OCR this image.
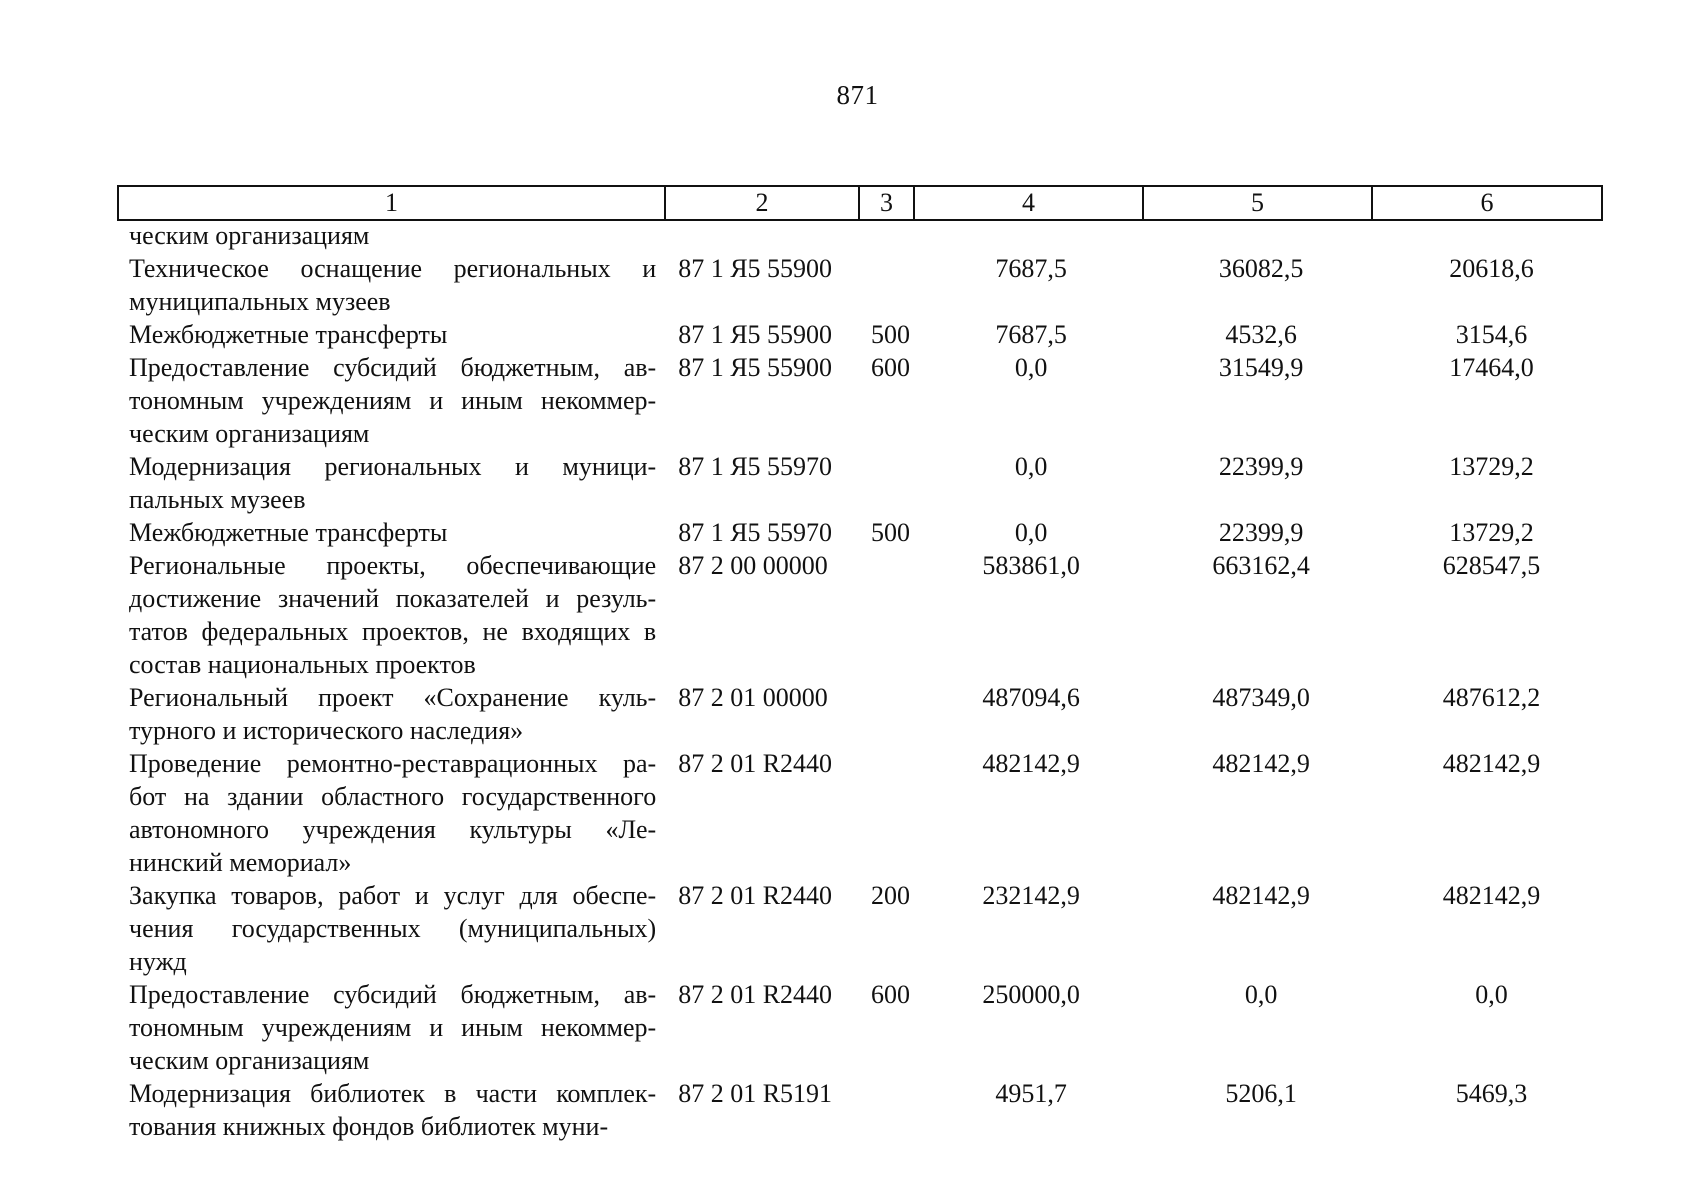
871
1	2	3	4	5	6
ческим организациям					

Техническое оснащение региональных и
муниципальных музеев	87 1 Я5 55900		7687,5	36082,5	20618,6

Межбюджетные трансферты	87 1 Я5 55900	500	7687,5	4532,6	3154,6

Предоставление субсидий бюджетным, ав-
тономным учреждениям и иным некоммер-
ческим организациям	87 1 Я5 55900	600	0,0	31549,9	17464,0

Модернизация региональных и муници-
пальных музеев	87 1 Я5 55970		0,0	22399,9	13729,2

Межбюджетные трансферты	87 1 Я5 55970	500	0,0	22399,9	13729,2

Региональные проекты, обеспечивающие
достижение значений показателей и резуль-
татов федеральных проектов, не входящих в
состав национальных проектов	87 2 00 00000		583861,0	663162,4	628547,5

Региональный проект «Сохранение куль-
турного и исторического наследия»	87 2 01 00000		487094,6	487349,0	487612,2

Проведение ремонтно-реставрационных ра-
бот на здании областного государственного
автономного учреждения культуры «Ле-
нинский мемориал»	87 2 01 R2440		482142,9	482142,9	482142,9

Закупка товаров, работ и услуг для обеспе-
чения государственных (муниципальных)
нужд	87 2 01 R2440	200	232142,9	482142,9	482142,9

Предоставление субсидий бюджетным, ав-
тономным учреждениям и иным некоммер-
ческим организациям	87 2 01 R2440	600	250000,0	0,0	0,0

Модернизация библиотек в части комплек-
тования книжных фондов библиотек муни-	87 2 01 R5191		4951,7	5206,1	5469,3
